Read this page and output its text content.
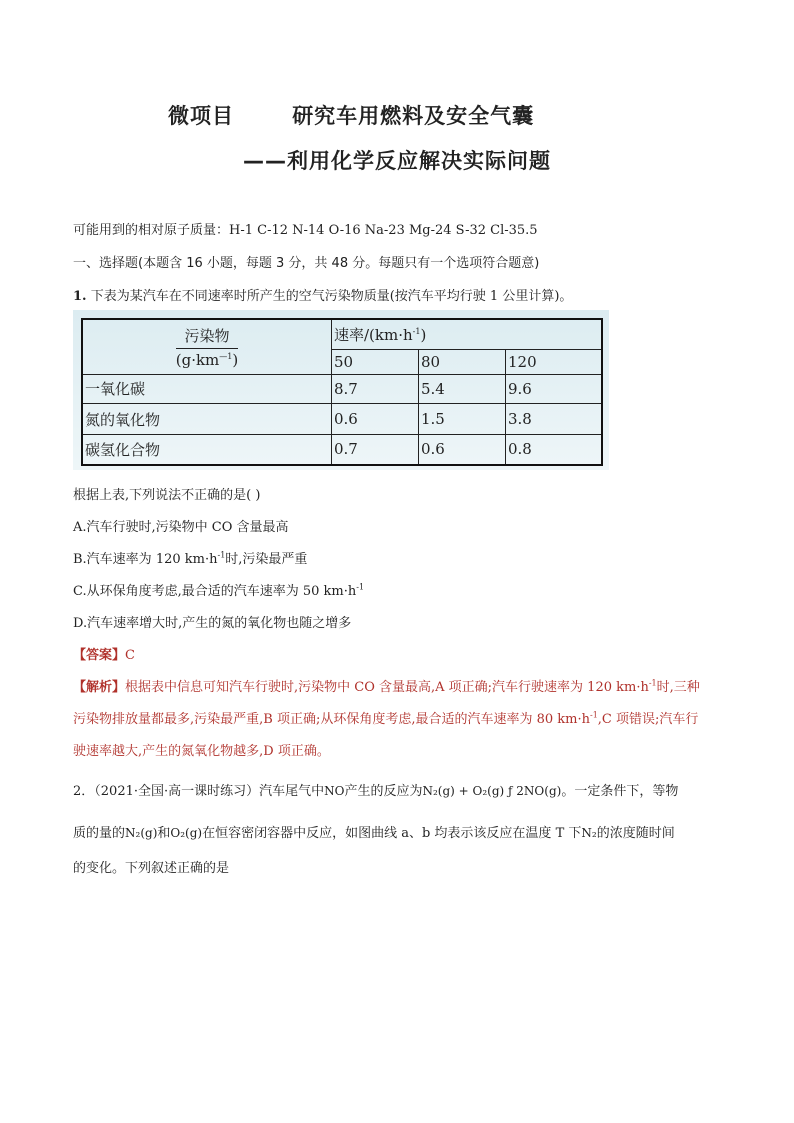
微项目	研究车用燃料及安全气囊
——利用化学反应解决实际问题
可能用到的相对原子质量：H-1 C-12 N-14 O-16 Na-23 Mg-24 S-32 Cl-35.5
一、选择题(本题含 16 小题，每题 3 分，共 48 分。每题只有一个选项符合题意)
1. 下表为某汽车在不同速率时所产生的空气污染物质量(按汽车平均行驶 1 公里计算)。
污染物
$(g\cdot km^{—1})$	速率$/(km\cdot h^{-1})$		
	50	80	120
一氧化碳	8.7	5.4	9.6
氮的氧化物	0.6	1.5	3.8
碳氢化合物	0.7	0.6	0.8
根据上表,下列说法不正确的是( )
A.汽车行驶时,污染物中 CO 含量最高
B.汽车速率为 120 $km\cdot h^{-1}$时,污染最严重
C.从环保角度考虑,最合适的汽车速率为 50 $km\cdot h^{-1}$
D.汽车速率增大时,产生的氮的氧化物也随之增多
【答案】C
【解析】根据表中信息可知汽车行驶时,污染物中 CO 含量最高,A 项正确;汽车行驶速率为 120 $km\cdot h^{-1}$时,三种
污染物排放量都最多,污染最严重,B 项正确;从环保角度考虑,最合适的汽车速率为 80 $km\cdot h^{-1},C$ 项错误;汽车行
驶速率越大,产生的氮氧化物越多,D 项正确。
2．（2021·全国·高一课时练习）汽车尾气中NO产生的反应为N₂(g) + O₂(g) ƒ 2NO(g)。一定条件下，等物
质的量的N₂(g)和O₂(g)在恒容密闭容器中反应，如图曲线 a、b 均表示该反应在温度 T 下N₂的浓度随时间
的变化。下列叙述正确的是
